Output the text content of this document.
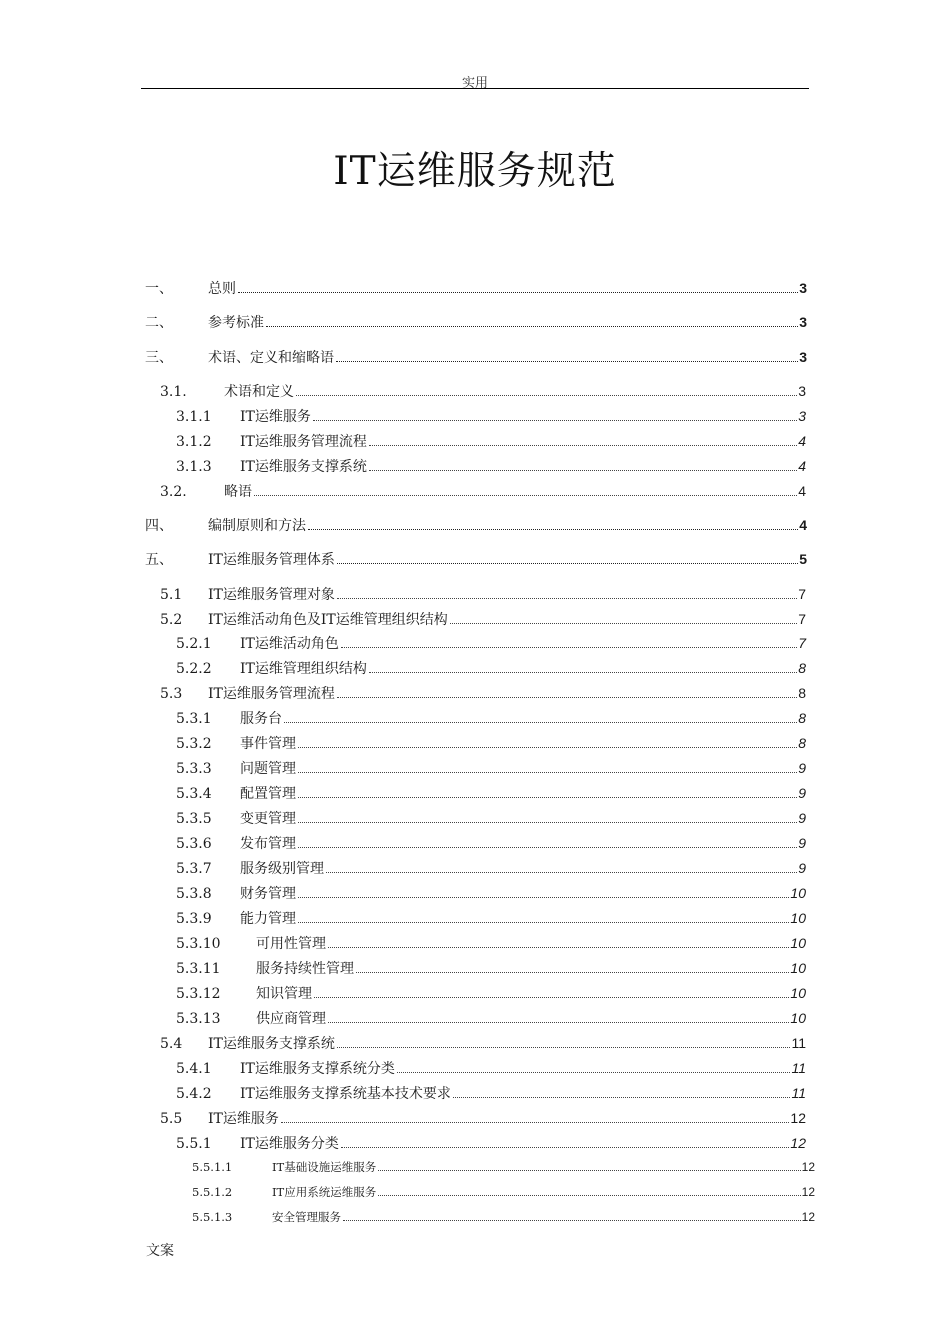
实用
IT运维服务规范
一、	总则	3
二、	参考标准	3
三、	术语、定义和缩略语	3
3.1.	术语和定义	3
3.1.1	IT运维服务	3
3.1.2	IT运维服务管理流程	4
3.1.3	IT运维服务支撑系统	4
3.2.	略语	4
四、	编制原则和方法	4
五、	IT运维服务管理体系	5
5.1	IT运维服务管理对象	7
5.2	IT运维活动角色及IT运维管理组织结构	7
5.2.1	IT运维活动角色	7
5.2.2	IT运维管理组织结构	8
5.3	IT运维服务管理流程	8
5.3.1	服务台	8
5.3.2	事件管理	8
5.3.3	问题管理	9
5.3.4	配置管理	9
5.3.5	变更管理	9
5.3.6	发布管理	9
5.3.7	服务级别管理	9
5.3.8	财务管理	10
5.3.9	能力管理	10
5.3.10	可用性管理	10
5.3.11	服务持续性管理	10
5.3.12	知识管理	10
5.3.13	供应商管理	10
5.4	IT运维服务支撑系统	11
5.4.1	IT运维服务支撑系统分类	11
5.4.2	IT运维服务支撑系统基本技术要求	11
5.5	IT运维服务	12
5.5.1	IT运维服务分类	12
5.5.1.1	IT基础设施运维服务	12
5.5.1.2	IT应用系统运维服务	12
5.5.1.3	安全管理服务	12
文案
